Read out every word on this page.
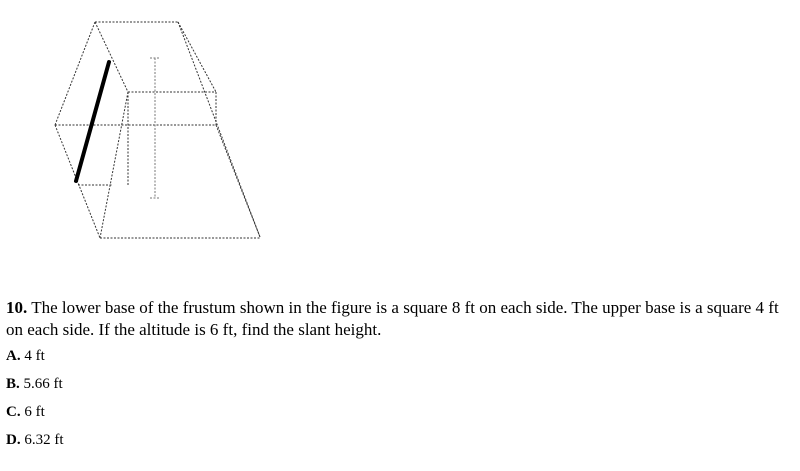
10. The lower base of the frustum shown in the figure is a square 8 ft on each side. The upper base is a square 4 ft on each side. If the altitude is 6 ft, find the slant height.
A. 4 ft
B. 5.66 ft
C. 6 ft
D. 6.32 ft
